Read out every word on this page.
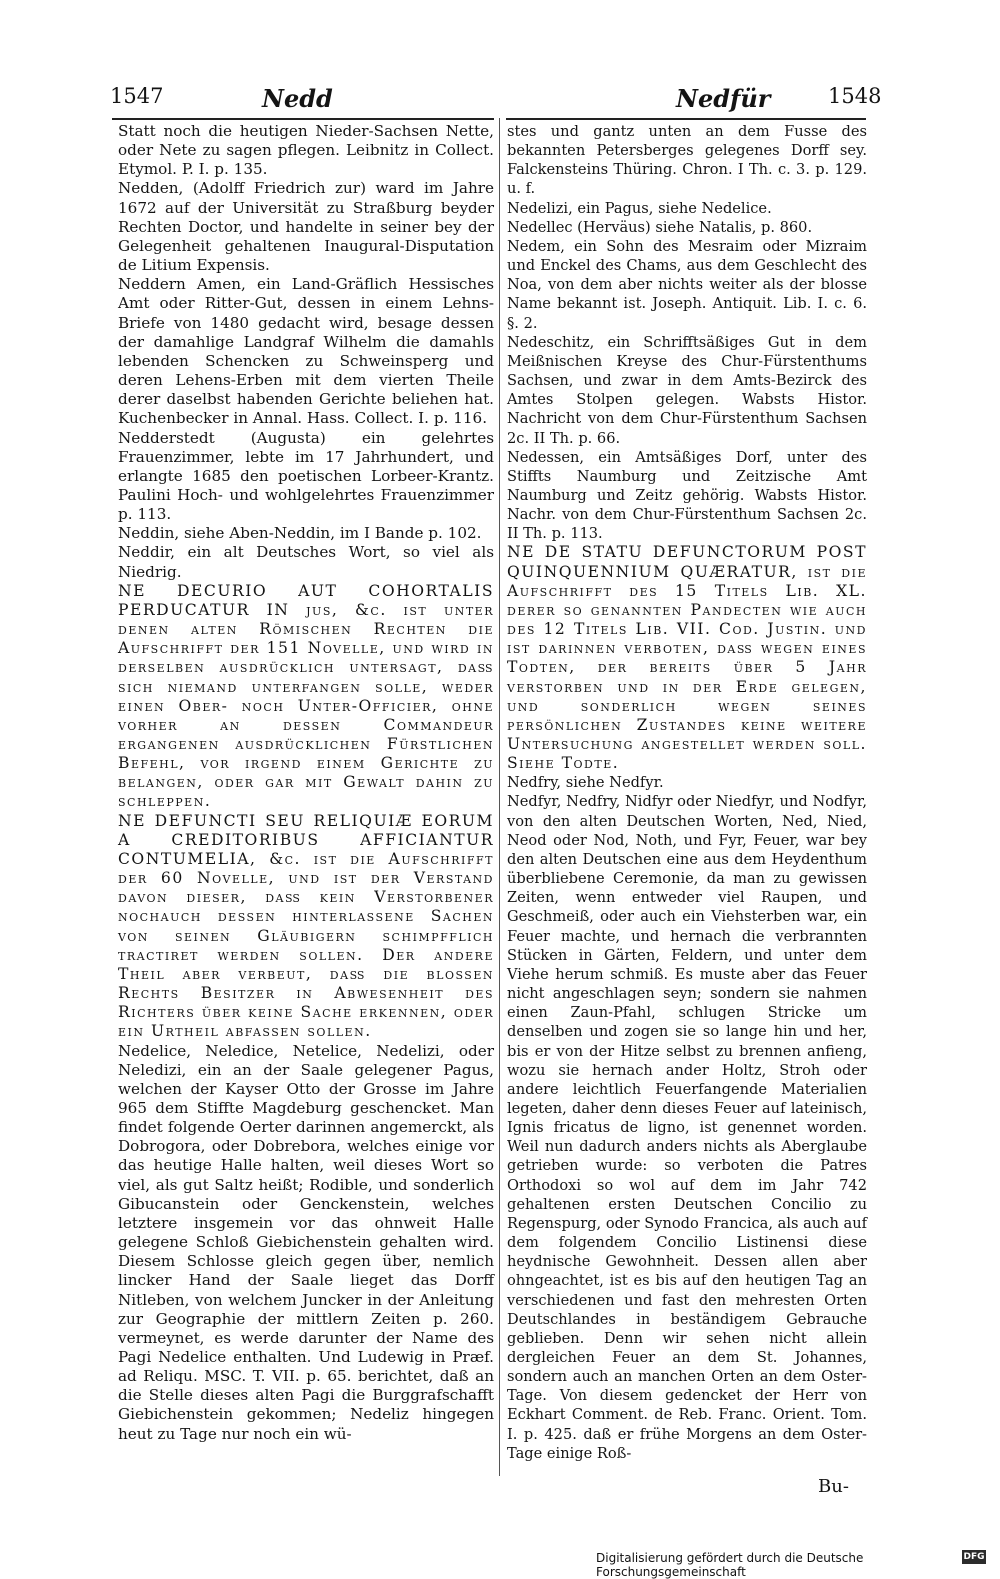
1547	Nedd	Nedfür	1548

Statt noch die heutigen Nieder-Sachsen Nette, oder Nete zu sagen pflegen. Leibnitz in Collect. Etymol. P. I. p. 135.

Nedden, (Adolff Friedrich zur) ward im Jahre 1672 auf der Universität zu Straßburg beyder Rechten Doctor, und handelte in seiner bey der Gelegenheit gehaltenen Inaugural-Disputation de Litium Expensis.

Neddern Amen, ein Land-Gräflich Hessisches Amt oder Ritter-Gut, dessen in einem Lehns-Briefe von 1480 gedacht wird, besage dessen der damahlige Landgraf Wilhelm die damahls lebenden Schencken zu Schweinsperg und deren Lehens-Erben mit dem vierten Theile derer daselbst habenden Gerichte beliehen hat. Kuchenbecker in Annal. Hass. Collect. I. p. 116.

Nedderstedt (Augusta) ein gelehrtes Frauenzimmer, lebte im 17 Jahrhundert, und erlangte 1685 den poetischen Lorbeer-Krantz. Paulini Hoch- und wohlgelehrtes Frauenzimmer p. 113.

Neddin, siehe Aben-Neddin, im I Bande p. 102.

Neddir, ein alt Deutsches Wort, so viel als Niedrig.

NE DECURIO AUT COHORTALIS PERDUCATUR IN jus, &c. ist unter denen alten Römischen Rechten die Aufschrifft der 151 Novelle, und wird in derselben ausdrücklich untersagt, daß sich niemand unterfangen solle, weder einen Ober- noch Unter-Officier, ohne vorher an dessen Commandeur ergangenen ausdrücklichen Fürstlichen Befehl, vor irgend einem Gerichte zu belangen, oder gar mit Gewalt dahin zu schleppen.

NE DEFUNCTI SEU RELIQUIÆ EORUM A CREDITORIBUS AFFICIANTUR CONTUMELIA, &c. ist die Aufschrifft der 60 Novelle, und ist der Verstand davon dieser, daß kein Verstorbener nochauch dessen hinterlassene Sachen von seinen Gläubigern schimpfflich tractiret werden sollen. Der andere Theil aber verbeut, daß die blossen Rechts Besitzer in Abwesenheit des Richters über keine Sache erkennen, oder ein Urtheil abfassen sollen.

Nedelice, Neledice, Netelice, Nedelizi, oder Neledizi, ein an der Saale gelegener Pagus, welchen der Kayser Otto der Grosse im Jahre 965 dem Stiffte Magdeburg geschencket. Man findet folgende Oerter darinnen angemerckt, als Dobrogora, oder Dobrebora, welches einige vor das heutige Halle halten, weil dieses Wort so viel, als gut Saltz heißt; Rodible, und sonderlich Gibucanstein oder Genckenstein, welches letztere insgemein vor das ohnweit Halle gelegene Schloß Giebichenstein gehalten wird. Diesem Schlosse gleich gegen über, nemlich lincker Hand der Saale lieget das Dorff Nitleben, von welchem Juncker in der Anleitung zur Geographie der mittlern Zeiten p. 260. vermeynet, es werde darunter der Name des Pagi Nedelice enthalten. Und Ludewig in Præf. ad Reliqu. MSC. T. VII. p. 65. berichtet, daß an die Stelle dieses alten Pagi die Burggrafschafft Giebichenstein gekommen; Nedeliz hingegen heut zu Tage nur noch ein wü-

stes und gantz unten an dem Fusse des bekannten Petersberges gelegenes Dorff sey. Falckensteins Thüring. Chron. I Th. c. 3. p. 129. u. f.

Nedelizi, ein Pagus, siehe Nedelice.

Nedellec (Herväus) siehe Natalis, p. 860.

Nedem, ein Sohn des Mesraim oder Mizraim und Enckel des Chams, aus dem Geschlecht des Noa, von dem aber nichts weiter als der blosse Name bekannt ist. Joseph. Antiquit. Lib. I. c. 6. §. 2.

Nedeschitz, ein Schrifftsäßiges Gut in dem Meißnischen Kreyse des Chur-Fürstenthums Sachsen, und zwar in dem Amts-Bezirck des Amtes Stolpen gelegen. Wabsts Histor. Nachricht von dem Chur-Fürstenthum Sachsen 2c. II Th. p. 66.

Nedessen, ein Amtsäßiges Dorf, unter des Stiffts Naumburg und Zeitzische Amt Naumburg und Zeitz gehörig. Wabsts Histor. Nachr. von dem Chur-Fürstenthum Sachsen 2c. II Th. p. 113.

NE DE STATU DEFUNCTORUM POST QUINQUENNIUM QUÆRATUR, ist die Aufschrifft des 15 Titels Lib. XL. derer so genannten Pandecten wie auch des 12 Titels Lib. VII. Cod. Justin. und ist darinnen verboten, daß wegen eines Todten, der bereits über 5 Jahr verstorben und in der Erde gelegen, und sonderlich wegen seines persönlichen Zustandes keine weitere Untersuchung angestellet werden soll. Siehe Todte.

Nedfry, siehe Nedfyr.

Nedfyr, Nedfry, Nidfyr oder Niedfyr, und Nodfyr, von den alten Deutschen Worten, Ned, Nied, Neod oder Nod, Noth, und Fyr, Feuer, war bey den alten Deutschen eine aus dem Heydenthum überbliebene Ceremonie, da man zu gewissen Zeiten, wenn entweder viel Raupen, und Geschmeiß, oder auch ein Viehsterben war, ein Feuer machte, und hernach die verbrannten Stücken in Gärten, Feldern, und unter dem Viehe herum schmiß. Es muste aber das Feuer nicht angeschlagen seyn; sondern sie nahmen einen Zaun-Pfahl, schlugen Stricke um denselben und zogen sie so lange hin und her, bis er von der Hitze selbst zu brennen anfieng, wozu sie hernach ander Holtz, Stroh oder andere leichtlich Feuerfangende Materialien legeten, daher denn dieses Feuer auf lateinisch, Ignis fricatus de ligno, ist genennet worden. Weil nun dadurch anders nichts als Aberglaube getrieben wurde: so verboten die Patres Orthodoxi so wol auf dem im Jahr 742 gehaltenen ersten Deutschen Concilio zu Regenspurg, oder Synodo Francica, als auch auf dem folgendem Concilio Listinensi diese heydnische Gewohnheit. Dessen allen aber ohngeachtet, ist es bis auf den heutigen Tag an verschiedenen und fast den mehresten Orten Deutschlandes in beständigem Gebrauche geblieben. Denn wir sehen nicht allein dergleichen Feuer an dem St. Johannes, sondern auch an manchen Orten an dem Oster-Tage. Von diesem gedencket der Herr von Eckhart Comment. de Reb. Franc. Orient. Tom. I. p. 425. daß er frühe Morgens an dem Oster-Tage einige Roß-

Bu-
Digitalisierung gefördert durch die Deutsche Forschungsgemeinschaft
DFG
